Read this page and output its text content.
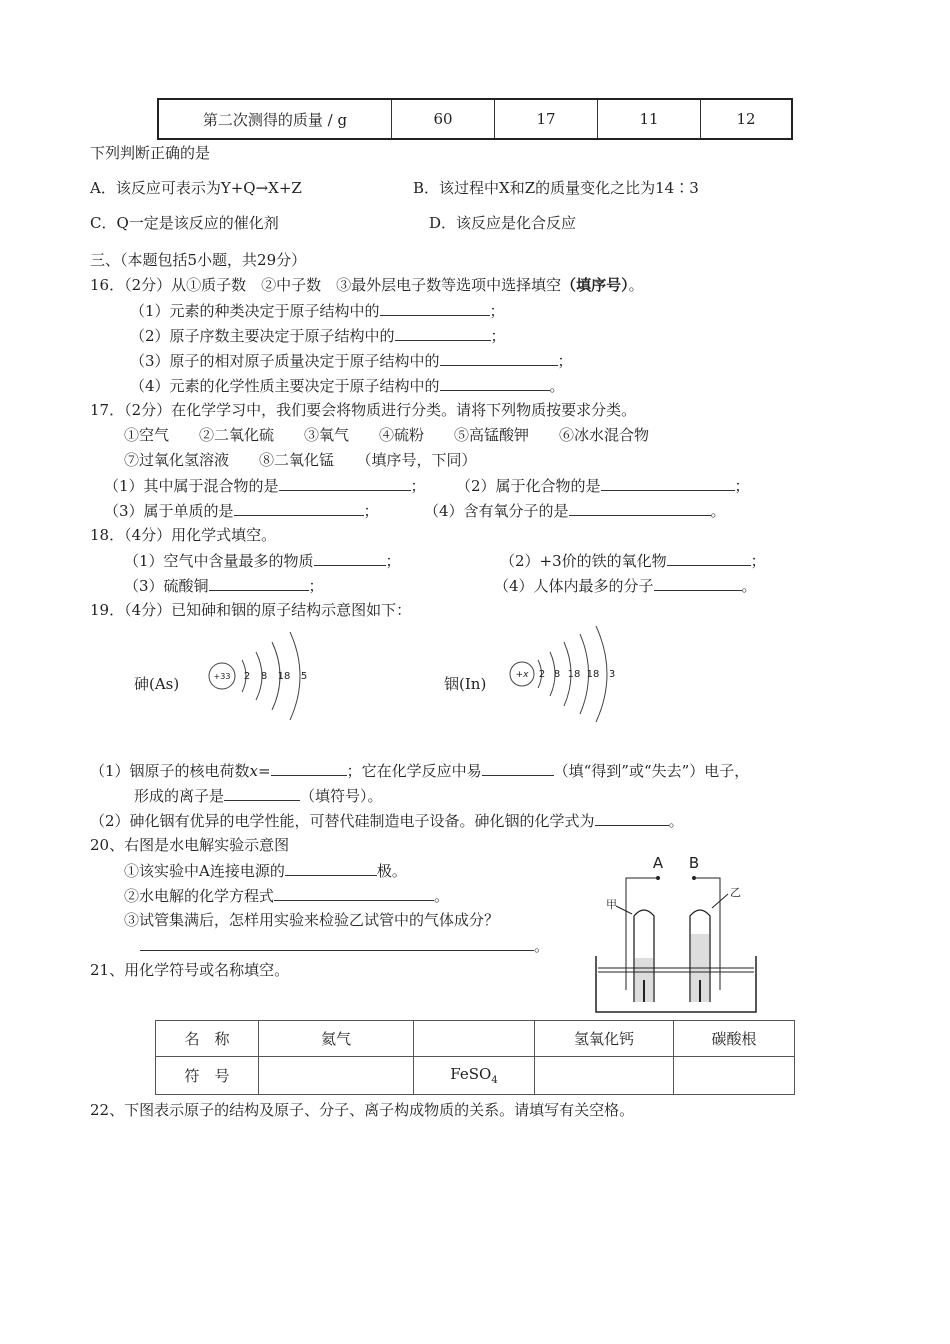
第二次测得的质量 / g	60	17	11	12
下列判断正确的是
A．该反应可表示为Y+Q→X+Z	B．该过程中X和Z的质量变化之比为14∶3
C．Q一定是该反应的催化剂	D．该反应是化合反应
三、（本题包括5小题，共29分）
16．（2分）从①质子数　②中子数　③最外层电子数等选项中选择填空（填序号）。
（1）元素的种类决定于原子结构中的	；
（2）原子序数主要决定于原子结构中的	；
（3）原子的相对原子质量决定于原子结构中的	；
（4）元素的化学性质主要决定于原子结构中的	。
17．（2分）在化学学习中，我们要会将物质进行分类。请将下列物质按要求分类。
①空气　　②二氧化硫　　③氧气　　④硫粉　　⑤高锰酸钾　　⑥冰水混合物
⑦过氧化氢溶液　　⑧二氧化锰　　（填序号，下同）
（1）其中属于混合物的是	； （2）属于化合物的是	；
（3）属于单质的是	；	（4）含有氧分子的是	。
18．（4分）用化学式填空。
（1）空气中含量最多的物质	；	（2）+3价的铁的氧化物	；
（3）硫酸铜	；	（4）人体内最多的分子	。
19．（4分）已知砷和铟的原子结构示意图如下：
砷(As)	+33 2 8 18 5	铟(In)	+x 2 8 18 18 3
（1）铟原子的核电荷数x=	；它在化学反应中易	（填“得到”或“失去”）电子，
形成的离子是	（填符号）。
（2）砷化铟有优异的电学性能，可替代硅制造电子设备。砷化铟的化学式为	。
20、右图是水电解实验示意图
①该实验中A连接电源的	极。
②水电解的化学方程式	。
③试管集满后，怎样用实验来检验乙试管中的气体成分？
。
A B
甲
乙
21、用化学符号或名称填空。
名　称	氦气		氢氧化钙	碳酸根
符　号		FeSO$_4$		
22、下图表示原子的结构及原子、分子、离子构成物质的关系。请填写有关空格。
